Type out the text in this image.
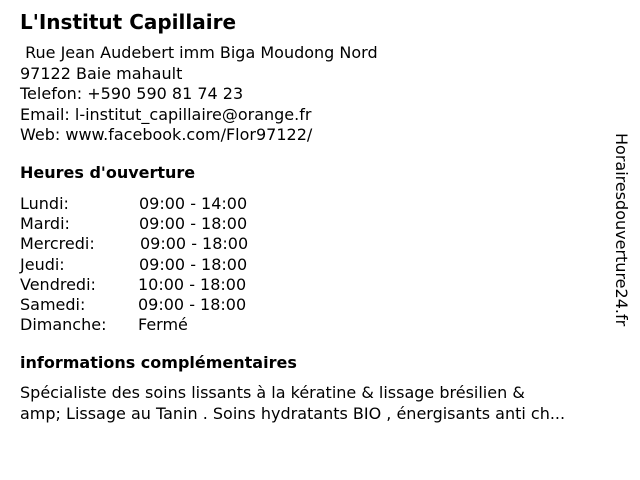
L'Institut Capillaire
Rue Jean Audebert imm Biga Moudong Nord
97122 Baie mahault
Telefon: +590 590 81 74 23
Email: l-institut_capillaire@orange.fr
Web: www.facebook.com/Flor97122/
Heures d'ouverture
Lundi:	09:00 - 14:00
Mardi:	09:00 - 18:00
Mercredi:	09:00 - 18:00
Jeudi:	09:00 - 18:00
Vendredi:	10:00 - 18:00
Samedi:	09:00 - 18:00
Dimanche: Fermé
informations complémentaires
Spécialiste des soins lissants à la kératine & lissage brésilien &
amp; Lissage au Tanin . Soins hydratants BIO , énergisants anti ch...
Horairesdouverture24.fr
